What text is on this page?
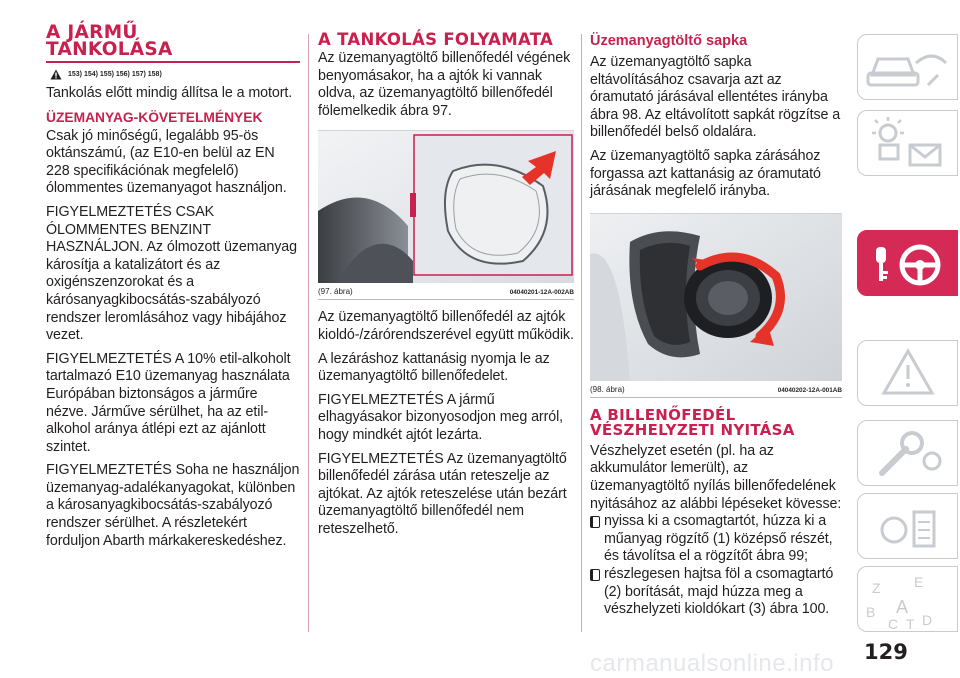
A JÁRMŰ
TANKOLÁSA
153) 154) 155) 156) 157) 158)

Tankolás előtt mindig állítsa le a motort.

ÜZEMANYAG-KÖVETELMÉNYEK

Csak jó minőségű, legalább 95-ös oktánszámú, (az E10-en belül az EN 228 specifikációnak megfelelő) ólommentes üzemanyagot használjon.

FIGYELMEZTETÉS CSAK ÓLOMMENTES BENZINT HASZNÁLJON. Az ólmozott üzemanyag károsítja a katalizátort és az oxigénszenzorokat és a kárósanyagkibocsátás-szabályozó rendszer leromlásához vagy hibájához vezet.

FIGYELMEZTETÉS A 10% etil-alkoholt tartalmazó E10 üzemanyag használata Európában biztonságos a járműre nézve. Járműve sérülhet, ha az etil-alkohol aránya átlépi ezt az ajánlott szintet.

FIGYELMEZTETÉS Soha ne használjon üzemanyag-adalékanyagokat, különben a károsanyagkibocsátás-szabályozó rendszer sérülhet. A részletekért forduljon Abarth márkakereskedéshez.

A TANKOLÁS FOLYAMATA

Az üzemanyagtöltő billenőfedél végének benyomásakor, ha a ajtók ki vannak oldva, az üzemanyagtöltő billenőfedél fölemelkedik ábra 97.

(97. ábra)	04040201-12A-002AB

Az üzemanyagtöltő billenőfedél az ajtók kioldó-/zárórendszerével együtt működik.

A lezáráshoz kattanásig nyomja le az üzemanyagtöltő billenőfedelet.

FIGYELMEZTETÉS A jármű elhagyásakor bizonyosodjon meg arról, hogy mindkét ajtót lezárta.

FIGYELMEZTETÉS Az üzemanyagtöltő billenőfedél zárása után reteszelje az ajtókat. Az ajtók reteszelése után bezárt üzemanyagtöltő billenőfedél nem reteszelhető.

Üzemanyagtöltő sapka

Az üzemanyagtöltő sapka eltávolításához csavarja azt az óramutató járásával ellentétes irányba ábra 98. Az eltávolított sapkát rögzítse a billenőfedél belső oldalára.

Az üzemanyagtöltő sapka zárásához forgassa azt kattanásig az óramutató járásának megfelelő irányba.

(98. ábra)	04040202-12A-001AB
A BILLENŐFEDÉL
VÉSZHELYZETI NYITÁSA

Vészhelyzet esetén (pl. ha az akkumulátor lemerült), az üzemanyagtöltő nyílás billenőfedelének nyitásához az alábbi lépéseket kövesse:

nyissa ki a csomagtartót, húzza ki a műanyag rögzítő (1) középső részét, és távolítsa el a rögzítőt ábra 99;

részlegesen hajtsa föl a csomagtartó (2) borítását, majd húzza meg a vészhelyzeti kioldókart (3) ábra 100.

Z E
B A
C T D
129
carmanualsonline.info
